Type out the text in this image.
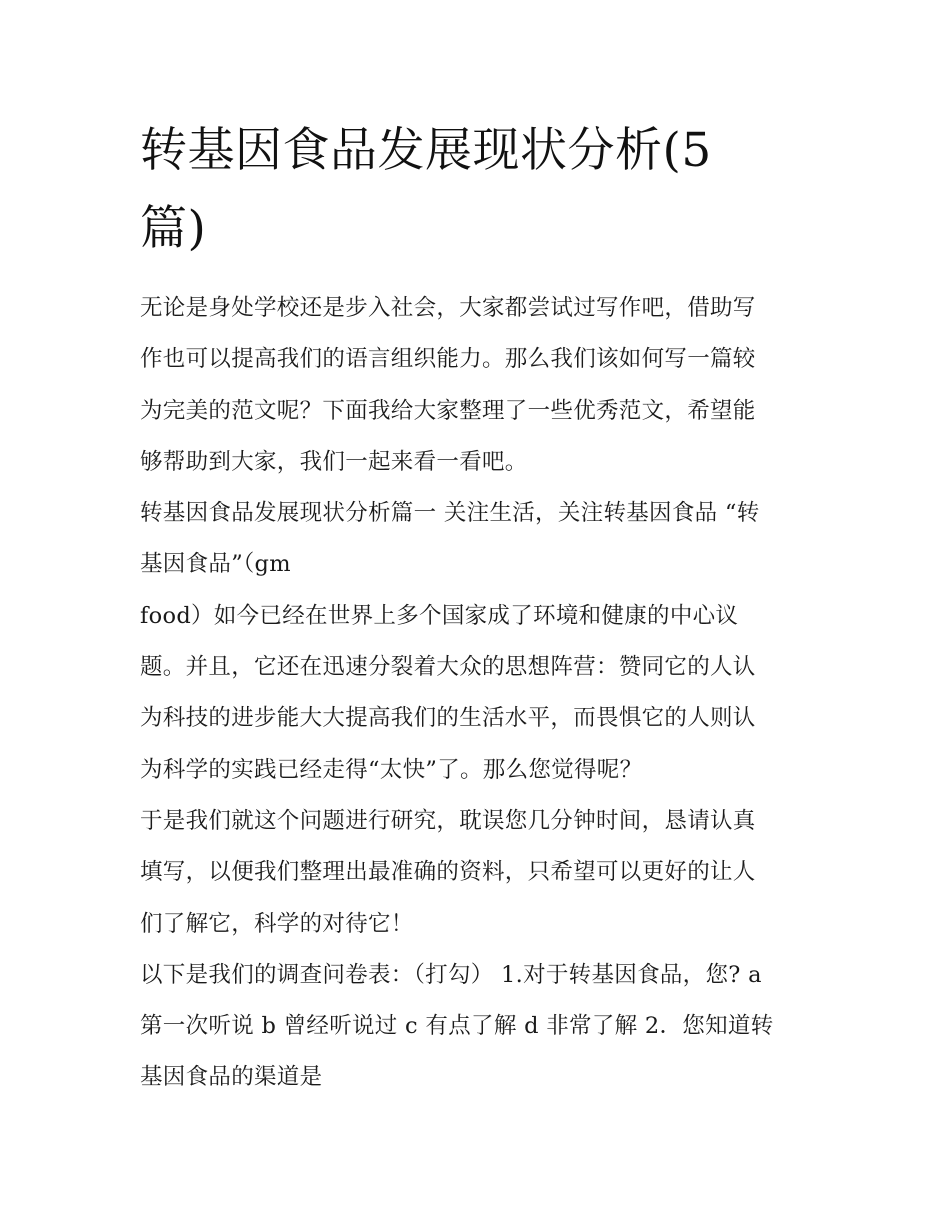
转基因食品发展现状分析(5
篇)
无论是身处学校还是步入社会，大家都尝试过写作吧，借助写
作也可以提高我们的语言组织能力。那么我们该如何写一篇较
为完美的范文呢？下面我给大家整理了一些优秀范文，希望能
够帮助到大家，我们一起来看一看吧。
转基因食品发展现状分析篇一 关注生活，关注转基因食品 “转
基因食品”（gm
food）如今已经在世界上多个国家成了环境和健康的中心议
题。并且，它还在迅速分裂着大众的思想阵营：赞同它的人认
为科技的进步能大大提高我们的生活水平，而畏惧它的人则认
为科学的实践已经走得“太快”了。那么您觉得呢？
于是我们就这个问题进行研究，耽误您几分钟时间，恳请认真
填写，以便我们整理出最准确的资料，只希望可以更好的让人
们了解它，科学的对待它！
以下是我们的调查问卷表：（打勾） 1.对于转基因食品，您? a
第一次听说 b 曾经听说过 c 有点了解 d 非常了解 2．您知道转
基因食品的渠道是
